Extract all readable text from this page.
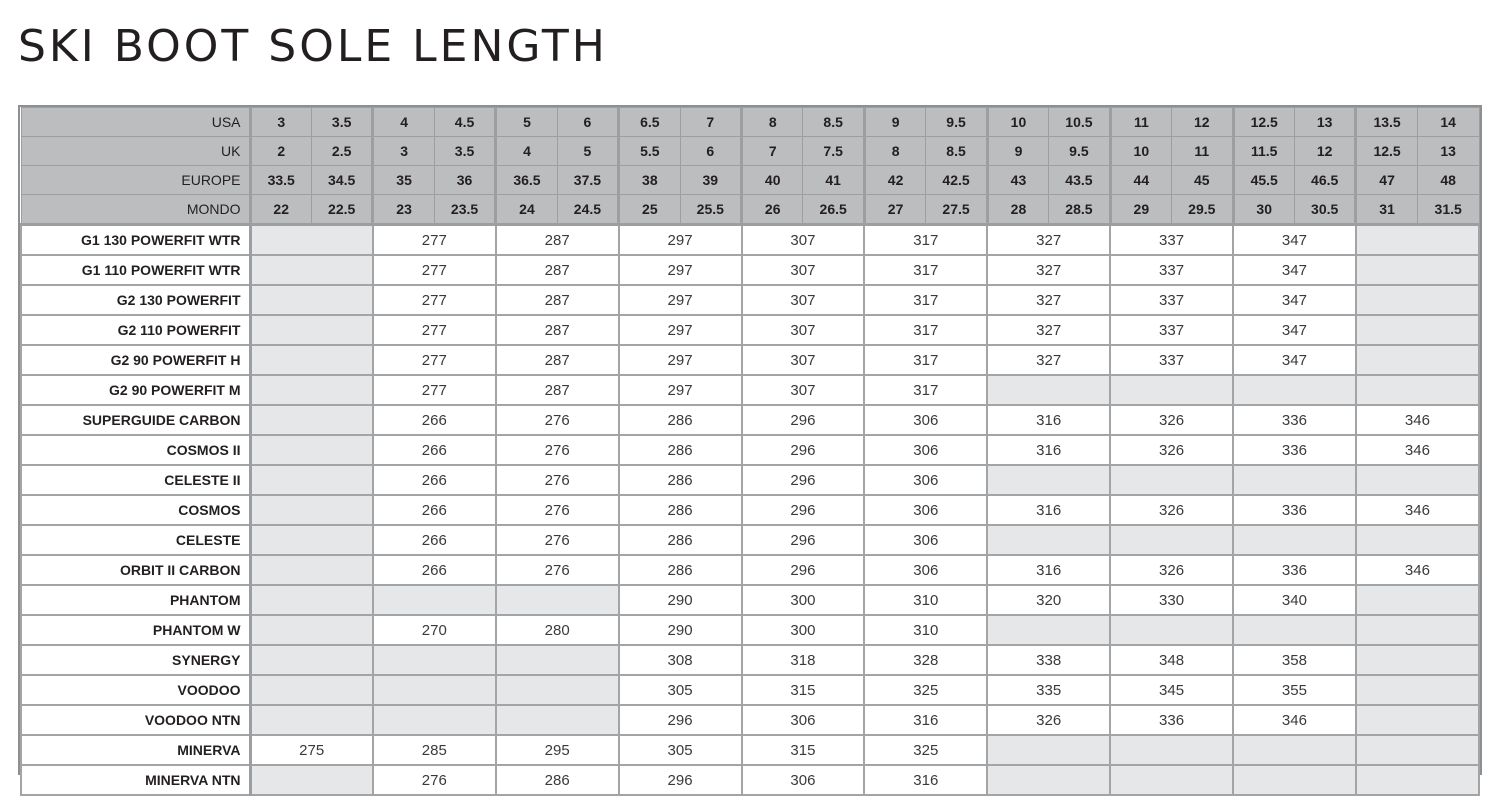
SKI BOOT SOLE LENGTH
USA	3	3.5	4	4.5	5	6	6.5	7	8	8.5	9	9.5	10	10.5	11	12	12.5	13	13.5	14
UK	2	2.5	3	3.5	4	5	5.5	6	7	7.5	8	8.5	9	9.5	10	11	11.5	12	12.5	13
EUROPE	33.5	34.5	35	36	36.5	37.5	38	39	40	41	42	42.5	43	43.5	44	45	45.5	46.5	47	48
MONDO	22	22.5	23	23.5	24	24.5	25	25.5	26	26.5	27	27.5	28	28.5	29	29.5	30	30.5	31	31.5
G1 130 POWERFIT WTR			277		287		297		307		317		327		337		347			
G1 110 POWERFIT WTR			277		287		297		307		317		327		337		347			
G2 130 POWERFIT			277		287		297		307		317		327		337		347			
G2 110 POWERFIT			277		287		297		307		317		327		337		347			
G2 90 POWERFIT H			277		287		297		307		317		327		337		347			
G2 90 POWERFIT M			277		287		297		307		317									
SUPERGUIDE CARBON			266		276		286		296		306		316		326		336		346	
COSMOS II			266		276		286		296		306		316		326		336		346	
CELESTE II			266		276		286		296		306									
COSMOS			266		276		286		296		306		316		326		336		346	
CELESTE			266		276		286		296		306									
ORBIT II CARBON			266		276		286		296		306		316		326		336		346	
PHANTOM							290		300		310		320		330		340			
PHANTOM W			270		280		290		300		310									
SYNERGY							308		318		328		338		348		358			
VOODOO							305		315		325		335		345		355			
VOODOO NTN							296		306		316		326		336		346			
MINERVA	275		285		295		305		315		325									
MINERVA NTN			276		286		296		306		316									
